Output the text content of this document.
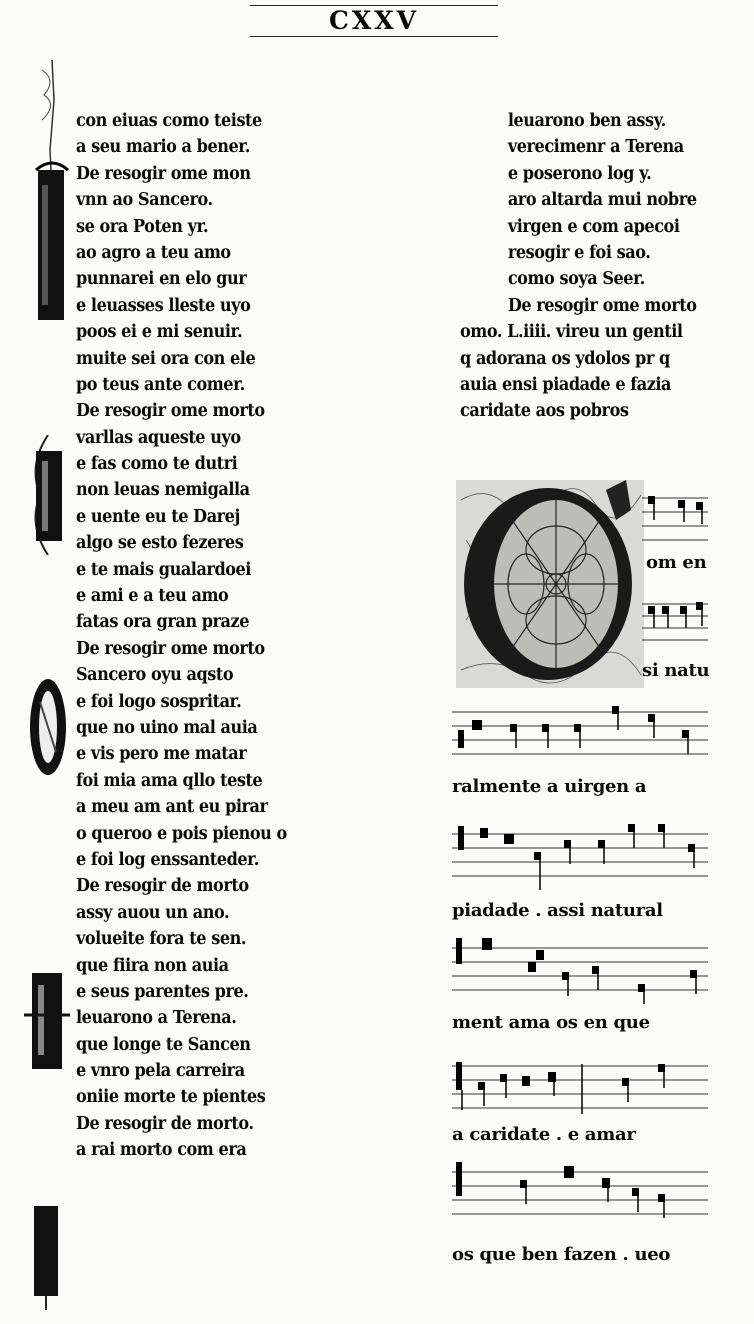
CXXV
con eiuas como teiste
a seu mario a bener.
De resogir ome mon
vnn ao Sancero.
se ora Poten yr.
ao agro a teu amo
punnarei en elo gur
e leuasses lleste uyo
poos ei e mi senuir.
muite sei ora con ele
po teus ante comer.
De resogir ome morto
varllas aqueste uyo
e fas como te dutri
non leuas nemigalla
e uente eu te Darej
algo se esto fezeres
e te mais gualardoei
e ami e a teu amo
fatas ora gran praze
De resogir ome morto
Sancero oyu aqsto
e foi logo sospritar.
que no uino mal auia
e vis pero me matar
foi mia ama qllo teste
a meu am ant eu pirar
o queroo e pois pienou o
e foi log enssanteder.
De resogir de morto
assy auou un ano.
volueite fora te sen.
que fiira non auia
e seus parentes pre.
leuarono a Terena.
que longe te Sancen
e vnro pela carreira
oniie morte te pientes
De resogir de morto.
a rai morto com era
leuarono ben assy.
verecimenr a Terena
e poserono log y.
aro altarda mui nobre
virgen e com apecoi
resogir e foi sao.
como soya Seer.
De resogir ome morto
omo. L.iiii. vireu un gentil
q adorana os ydolos pr q
auia ensi piadade e fazia
caridate aos pobros
om en
si natu
ralmente a uirgen a
piadade . assi natural
ment ama os en que
a caridate . e amar
os que ben fazen . ueo
